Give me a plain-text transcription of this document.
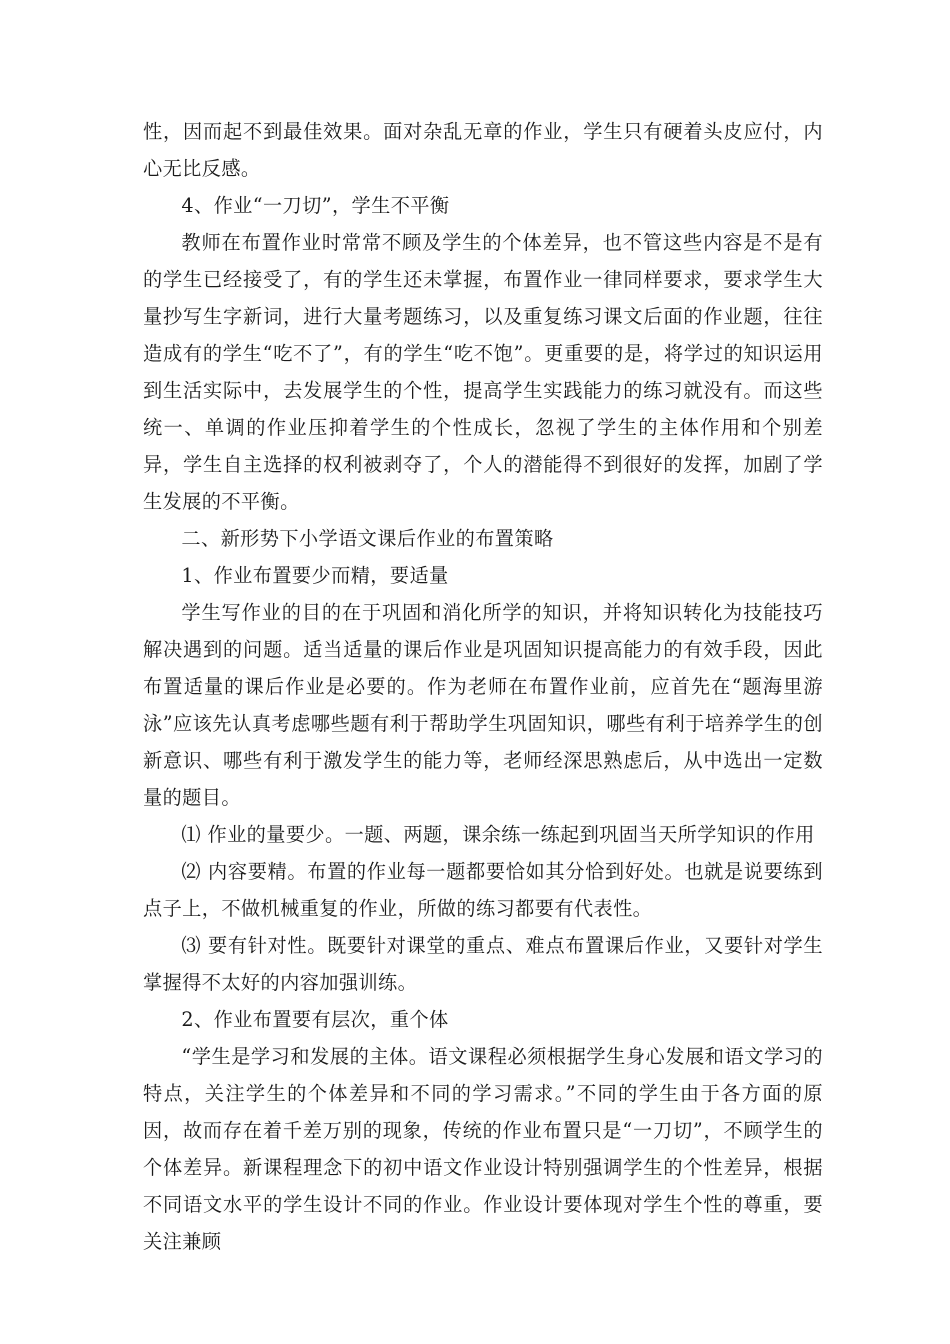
性，因而起不到最佳效果。面对杂乱无章的作业，学生只有硬着头皮应付，内心无比反感。

4、作业“一刀切”，学生不平衡

教师在布置作业时常常不顾及学生的个体差异，也不管这些内容是不是有的学生已经接受了，有的学生还未掌握，布置作业一律同样要求，要求学生大量抄写生字新词，进行大量考题练习，以及重复练习课文后面的作业题，往往造成有的学生“吃不了”，有的学生“吃不饱”。更重要的是，将学过的知识运用到生活实际中，去发展学生的个性，提高学生实践能力的练习就没有。而这些统一、单调的作业压抑着学生的个性成长，忽视了学生的主体作用和个别差异，学生自主选择的权利被剥夺了，个人的潜能得不到很好的发挥，加剧了学生发展的不平衡。

二、新形势下小学语文课后作业的布置策略

1、作业布置要少而精，要适量

学生写作业的目的在于巩固和消化所学的知识，并将知识转化为技能技巧解决遇到的问题。适当适量的课后作业是巩固知识提高能力的有效手段，因此布置适量的课后作业是必要的。作为老师在布置作业前，应首先在“题海里游泳”应该先认真考虑哪些题有利于帮助学生巩固知识，哪些有利于培养学生的创新意识、哪些有利于激发学生的能力等，老师经深思熟虑后，从中选出一定数量的题目。

⑴ 作业的量要少。一题、两题，课余练一练起到巩固当天所学知识的作用

⑵ 内容要精。布置的作业每一题都要恰如其分恰到好处。也就是说要练到点子上，不做机械重复的作业，所做的练习都要有代表性。

⑶ 要有针对性。既要针对课堂的重点、难点布置课后作业，又要针对学生掌握得不太好的内容加强训练。

2、作业布置要有层次，重个体

“学生是学习和发展的主体。语文课程必须根据学生身心发展和语文学习的特点，关注学生的个体差异和不同的学习需求。”不同的学生由于各方面的原因，故而存在着千差万别的现象，传统的作业布置只是“一刀切”，不顾学生的个体差异。新课程理念下的初中语文作业设计特别强调学生的个性差异，根据不同语文水平的学生设计不同的作业。作业设计要体现对学生个性的尊重，要关注兼顾
